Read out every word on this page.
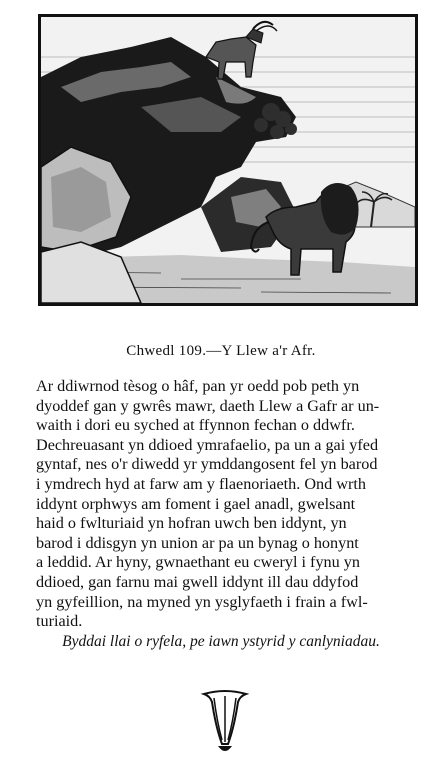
Chwedl 109.—Y Llew a'r Afr.
Ar ddiwrnod tèsog o hâf, pan yr oedd pob peth yn
dyoddef gan y gwrês mawr, daeth Llew a Gafr ar un-
waith i dori eu syched at ffynnon fechan o ddwfr.
Dechreuasant yn ddioed ymrafaelio, pa un a gai yfed
gyntaf, nes o'r diwedd yr ymddangosent fel yn barod
i ymdrech hyd at farw am y flaenoriaeth. Ond wrth
iddynt orphwys am foment i gael anadl, gwelsant
haid o fwlturiaid yn hofran uwch ben iddynt, yn
barod i ddisgyn yn union ar pa un bynag o honynt
a leddid. Ar hyny, gwnaethant eu cweryl i fynu yn
ddioed, gan farnu mai gwell iddynt ill dau ddyfod
yn gyfeillion, na myned yn ysglyfaeth i frain a fwl-
turiaid.
Byddai llai o ryfela, pe iawn ystyrid y canlyniadau.
